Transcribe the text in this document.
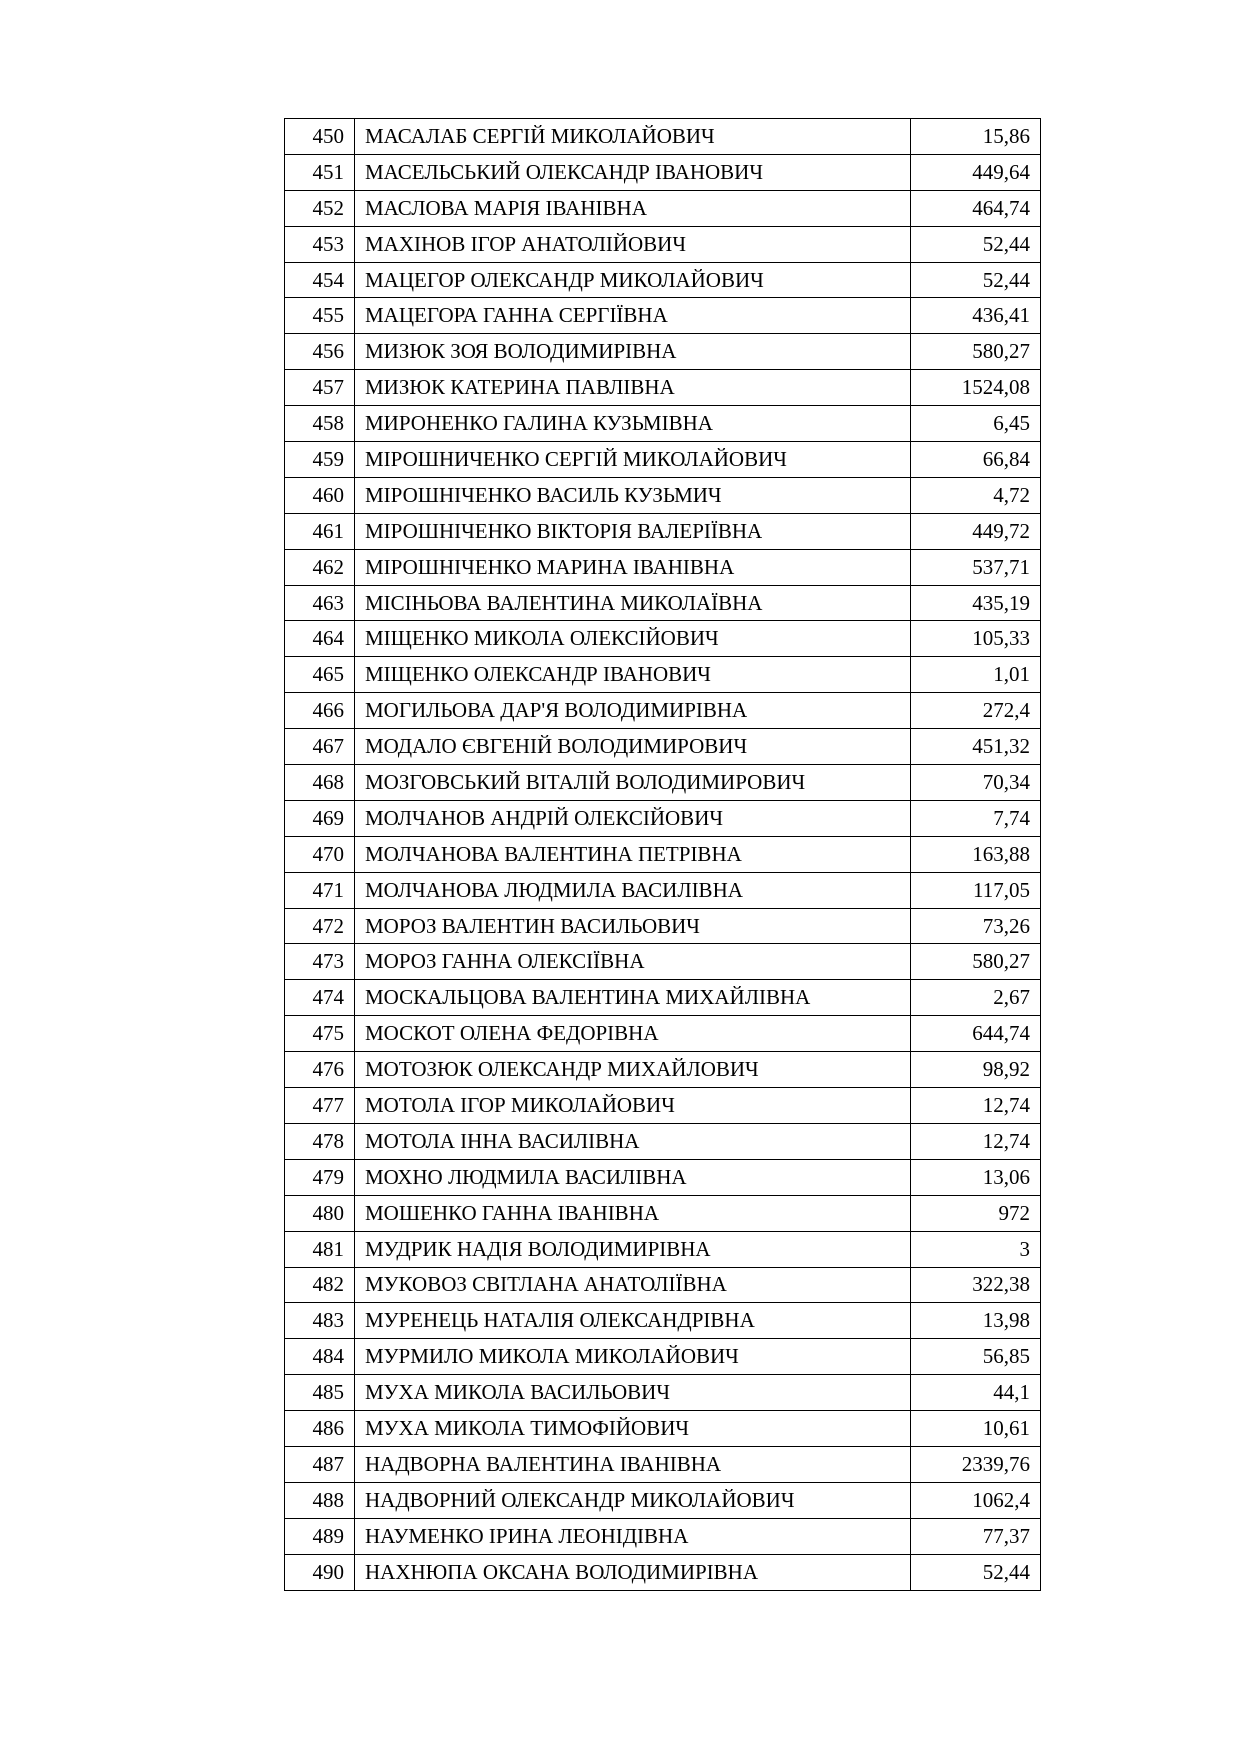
450	МАСАЛАБ СЕРГІЙ МИКОЛАЙОВИЧ	15,86
451	МАСЕЛЬСЬКИЙ ОЛЕКСАНДР ІВАНОВИЧ	449,64
452	МАСЛОВА МАРІЯ ІВАНІВНА	464,74
453	МАХІНОВ ІГОР АНАТОЛІЙОВИЧ	52,44
454	МАЦЕГОР ОЛЕКСАНДР МИКОЛАЙОВИЧ	52,44
455	МАЦЕГОРА ГАННА СЕРГІЇВНА	436,41
456	МИЗЮК ЗОЯ ВОЛОДИМИРІВНА	580,27
457	МИЗЮК КАТЕРИНА ПАВЛІВНА	1524,08
458	МИРОНЕНКО ГАЛИНА КУЗЬМІВНА	6,45
459	МІРОШНИЧЕНКО СЕРГІЙ МИКОЛАЙОВИЧ	66,84
460	МІРОШНІЧЕНКО ВАСИЛЬ КУЗЬМИЧ	4,72
461	МІРОШНІЧЕНКО ВІКТОРІЯ ВАЛЕРІЇВНА	449,72
462	МІРОШНІЧЕНКО МАРИНА ІВАНІВНА	537,71
463	МІСІНЬОВА ВАЛЕНТИНА МИКОЛАЇВНА	435,19
464	МІЩЕНКО МИКОЛА ОЛЕКСІЙОВИЧ	105,33
465	МІЩЕНКО ОЛЕКСАНДР ІВАНОВИЧ	1,01
466	МОГИЛЬОВА ДАР'Я ВОЛОДИМИРІВНА	272,4
467	МОДАЛО ЄВГЕНІЙ ВОЛОДИМИРОВИЧ	451,32
468	МОЗГОВСЬКИЙ ВІТАЛІЙ ВОЛОДИМИРОВИЧ	70,34
469	МОЛЧАНОВ АНДРІЙ ОЛЕКСІЙОВИЧ	7,74
470	МОЛЧАНОВА ВАЛЕНТИНА ПЕТРІВНА	163,88
471	МОЛЧАНОВА ЛЮДМИЛА ВАСИЛІВНА	117,05
472	МОРОЗ ВАЛЕНТИН ВАСИЛЬОВИЧ	73,26
473	МОРОЗ ГАННА ОЛЕКСІЇВНА	580,27
474	МОСКАЛЬЦОВА ВАЛЕНТИНА МИХАЙЛІВНА	2,67
475	МОСКОТ ОЛЕНА ФЕДОРІВНА	644,74
476	МОТОЗЮК ОЛЕКСАНДР МИХАЙЛОВИЧ	98,92
477	МОТОЛА ІГОР МИКОЛАЙОВИЧ	12,74
478	МОТОЛА ІННА ВАСИЛІВНА	12,74
479	МОХНО ЛЮДМИЛА ВАСИЛІВНА	13,06
480	МОШЕНКО ГАННА ІВАНІВНА	972
481	МУДРИК НАДІЯ ВОЛОДИМИРІВНА	3
482	МУКОВОЗ СВІТЛАНА АНАТОЛІЇВНА	322,38
483	МУРЕНЕЦЬ НАТАЛІЯ ОЛЕКСАНДРІВНА	13,98
484	МУРМИЛО МИКОЛА МИКОЛАЙОВИЧ	56,85
485	МУХА МИКОЛА ВАСИЛЬОВИЧ	44,1
486	МУХА МИКОЛА ТИМОФІЙОВИЧ	10,61
487	НАДВОРНА ВАЛЕНТИНА ІВАНІВНА	2339,76
488	НАДВОРНИЙ ОЛЕКСАНДР МИКОЛАЙОВИЧ	1062,4
489	НАУМЕНКО ІРИНА ЛЕОНІДІВНА	77,37
490	НАХНЮПА ОКСАНА ВОЛОДИМИРІВНА	52,44
